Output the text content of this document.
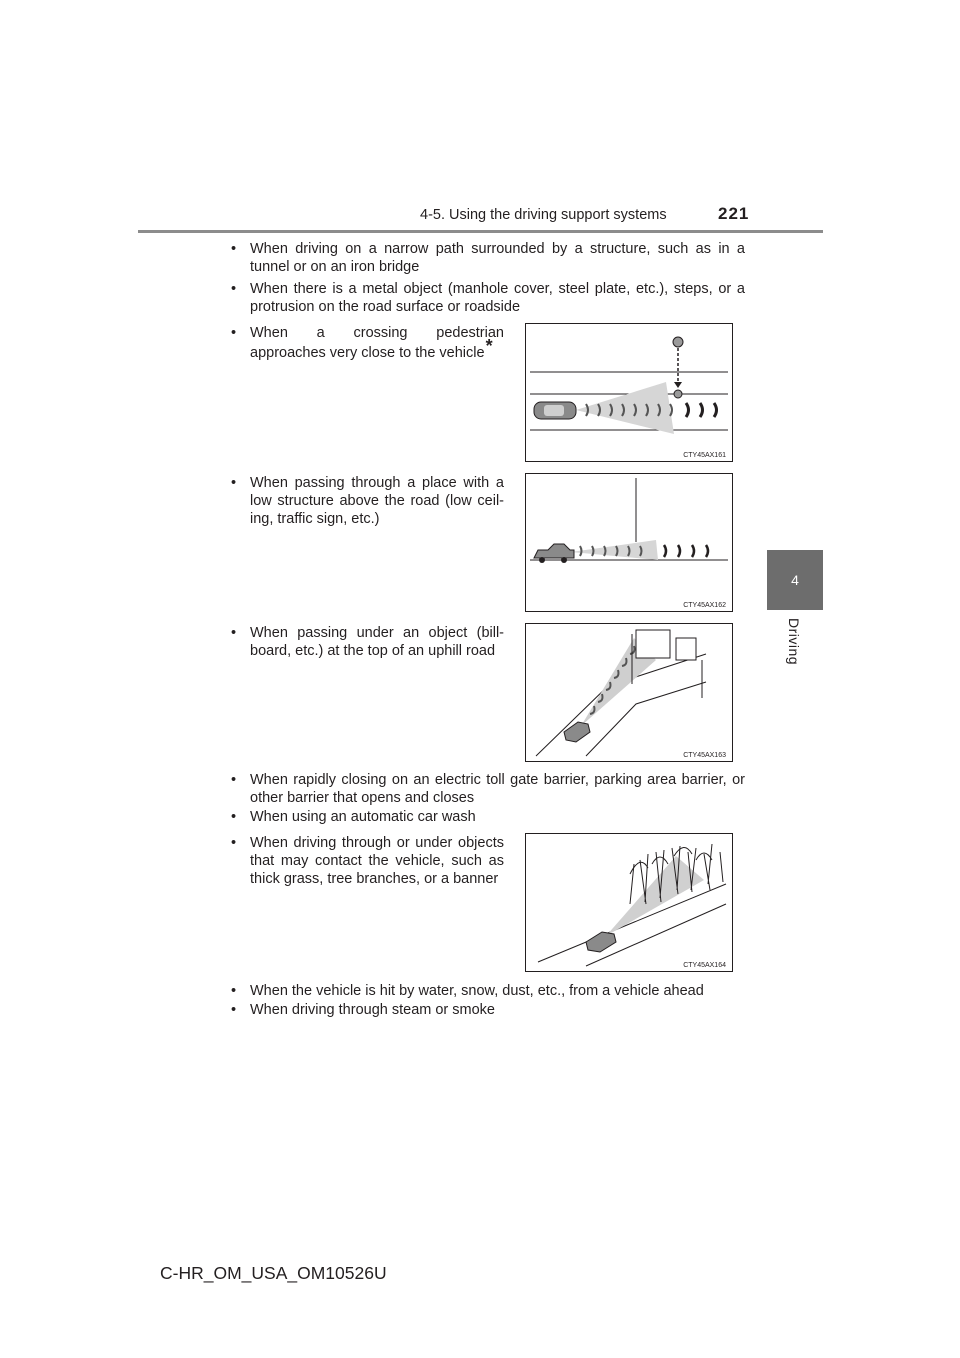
4-5. Using the driving support systems	221
4
Driving
• When driving on a narrow path surrounded by a structure, such as in a tunnel or on an iron bridge
• When there is a metal object (manhole cover, steel plate, etc.), steps, or a protrusion on the road surface or roadside
• When a crossing pedestrian approaches very close to the vehicle*
CTY45AX161
• When passing through a place with a low structure above the road (low ceil-ing, traffic sign, etc.)
CTY45AX162
• When passing under an object (bill-board, etc.) at the top of an uphill road
CTY45AX163
• When rapidly closing on an electric toll gate barrier, parking area barrier, or other barrier that opens and closes
• When using an automatic car wash
• When driving through or under objects that may contact the vehicle, such as thick grass, tree branches, or a banner
CTY45AX164
• When the vehicle is hit by water, snow, dust, etc., from a vehicle ahead
• When driving through steam or smoke
C-HR_OM_USA_OM10526U
